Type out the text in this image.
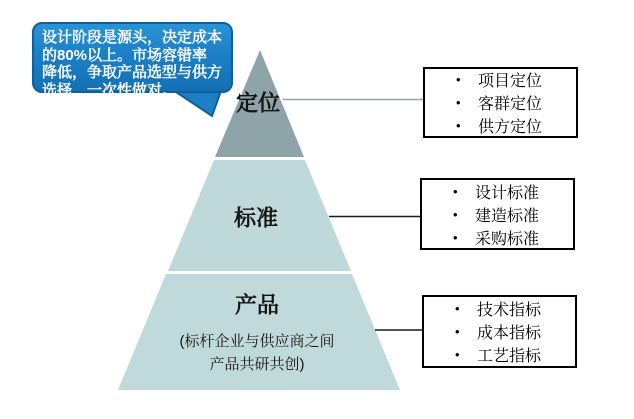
设计阶段是源头，决定成本
的80%以上。市场容错率
降低，争取产品选型与供方
选择，一次性做对。
定位
标准
产品
(标杆企业与供应商之间
产品共研共创)
•	项目定位
•	客群定位
•	供方定位
•	设计标准
•	建造标准
•	采购标准
•	技术指标
•	成本指标
•	工艺指标
